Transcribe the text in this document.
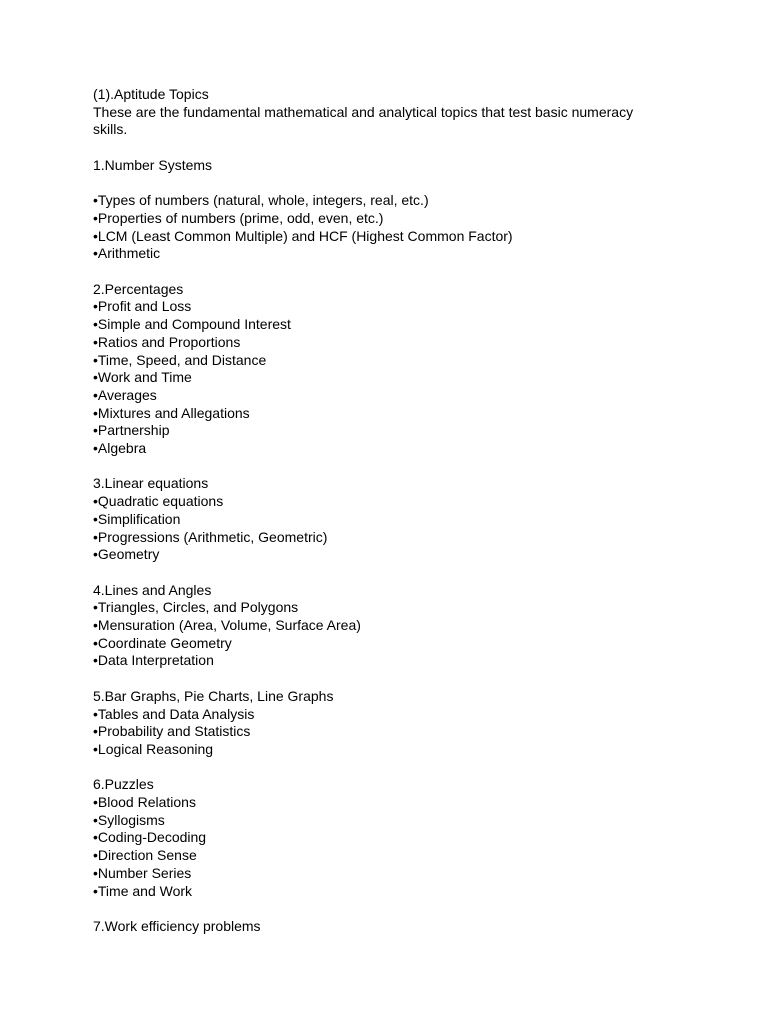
(1).Aptitude Topics
These are the fundamental mathematical and analytical topics that test basic numeracy skills.
1.Number Systems
•Types of numbers (natural, whole, integers, real, etc.)
•Properties of numbers (prime, odd, even, etc.)
•LCM (Least Common Multiple) and HCF (Highest Common Factor)
•Arithmetic
2.Percentages
•Profit and Loss
•Simple and Compound Interest
•Ratios and Proportions
•Time, Speed, and Distance
•Work and Time
•Averages
•Mixtures and Allegations
•Partnership
•Algebra
3.Linear equations
•Quadratic equations
•Simplification
•Progressions (Arithmetic, Geometric)
•Geometry
4.Lines and Angles
•Triangles, Circles, and Polygons
•Mensuration (Area, Volume, Surface Area)
•Coordinate Geometry
•Data Interpretation
5.Bar Graphs, Pie Charts, Line Graphs
•Tables and Data Analysis
•Probability and Statistics
•Logical Reasoning
6.Puzzles
•Blood Relations
•Syllogisms
•Coding-Decoding
•Direction Sense
•Number Series
•Time and Work
7.Work efficiency problems
